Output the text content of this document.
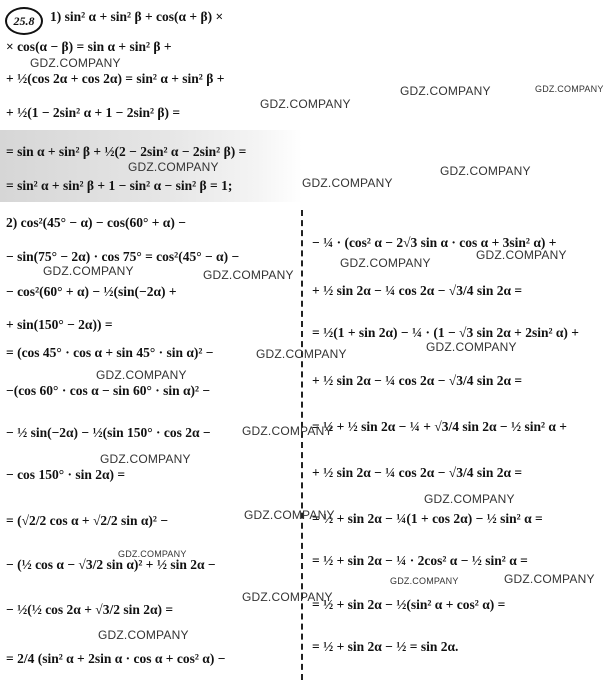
25.8	1) sin² α + sin² β + cos(α + β) ×
× cos(α − β) = sin α + sin² β +
+ ½(cos 2α + cos 2α) = sin² α + sin² β +
+ ½(1 − 2sin² α + 1 − 2sin² β) =
= sin α + sin² β + ½(2 − 2sin² α − 2sin² β) =
= sin² α + sin² β + 1 − sin² α − sin² β = 1;
2) cos²(45° − α) − cos(60° + α) −
− sin(75° − 2α) · cos 75° = cos²(45° − α) −
− cos²(60° + α) − ½(sin(−2α) +
+ sin(150° − 2α)) =
= (cos 45° · cos α + sin 45° · sin α)² −
−(cos 60° · cos α − sin 60° · sin α)² −
− ½ sin(−2α) − ½(sin 150° · cos 2α −
− cos 150° · sin 2α) =
= (√2/2 cos α + √2/2 sin α)² −
− (½ cos α − √3/2 sin α)² + ½ sin 2α −
− ½(½ cos 2α + √3/2 sin 2α) =
= 2/4 (sin² α + 2sin α · cos α + cos² α) −
− ¼ · (cos² α − 2√3 sin α · cos α + 3sin² α) +
+ ½ sin 2α − ¼ cos 2α − √3/4 sin 2α =
= ½(1 + sin 2α) − ¼ · (1 − √3 sin 2α + 2sin² α) +
+ ½ sin 2α − ¼ cos 2α − √3/4 sin 2α =
= ½ + ½ sin 2α − ¼ + √3/4 sin 2α − ½ sin² α +
+ ½ sin 2α − ¼ cos 2α − √3/4 sin 2α =
= ½ + sin 2α − ¼(1 + cos 2α) − ½ sin² α =
= ½ + sin 2α − ¼ · 2cos² α − ½ sin² α =
= ½ + sin 2α − ½(sin² α + cos² α) =
= ½ + sin 2α − ½ = sin 2α.
GDZ.COMPANY
GDZ.COMPANY
GDZ.COMPANY	GDZ.COMPANY
GDZ.COMPANY
GDZ.COMPANY
GDZ.COMPANY
GDZ.COMPANY	GDZ.COMPANY
GDZ.COMPANY
GDZ.COMPANY
GDZ.COMPANY
GDZ.COMPANY
GDZ.COMPANY
GDZ.COMPANY
GDZ.COMPANY
GDZ.COMPANY
GDZ.COMPANY
GDZ.COMPANY
GDZ.COMPANY	GDZ.COMPANY
GDZ.COMPANY
GDZ.COMPANY
